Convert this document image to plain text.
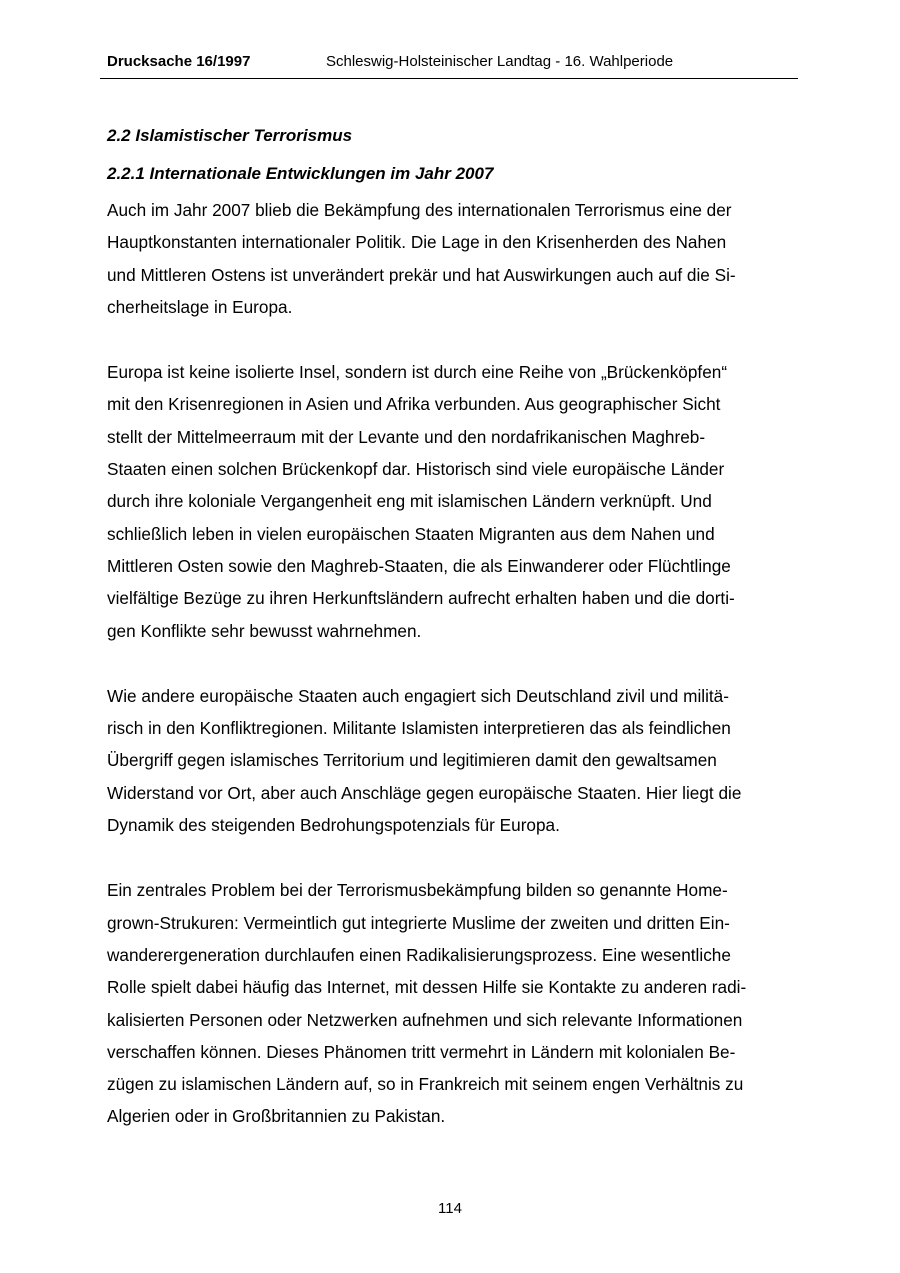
Drucksache 16/1997	Schleswig-Holsteinischer Landtag - 16. Wahlperiode
2.2 Islamistischer Terrorismus
2.2.1 Internationale Entwicklungen im Jahr 2007

Auch im Jahr 2007 blieb die Bekämpfung des internationalen Terrorismus eine der
Hauptkonstanten internationaler Politik. Die Lage in den Krisenherden des Nahen
und Mittleren Ostens ist unverändert prekär und hat Auswirkungen auch auf die Si-
cherheitslage in Europa.

Europa ist keine isolierte Insel, sondern ist durch eine Reihe von „Brückenköpfen“
mit den Krisenregionen in Asien und Afrika verbunden. Aus geographischer Sicht
stellt der Mittelmeerraum mit der Levante und den nordafrikanischen Maghreb-
Staaten einen solchen Brückenkopf dar. Historisch sind viele europäische Länder
durch ihre koloniale Vergangenheit eng mit islamischen Ländern verknüpft. Und
schließlich leben in vielen europäischen Staaten Migranten aus dem Nahen und
Mittleren Osten sowie den Maghreb-Staaten, die als Einwanderer oder Flüchtlinge
vielfältige Bezüge zu ihren Herkunftsländern aufrecht erhalten haben und die dorti-
gen Konflikte sehr bewusst wahrnehmen.

Wie andere europäische Staaten auch engagiert sich Deutschland zivil und militä-
risch in den Konfliktregionen. Militante Islamisten interpretieren das als feindlichen
Übergriff gegen islamisches Territorium und legitimieren damit den gewaltsamen
Widerstand vor Ort, aber auch Anschläge gegen europäische Staaten. Hier liegt die
Dynamik des steigenden Bedrohungspotenzials für Europa.

Ein zentrales Problem bei der Terrorismusbekämpfung bilden so genannte Home-
grown-Strukuren: Vermeintlich gut integrierte Muslime der zweiten und dritten Ein-
wanderergeneration durchlaufen einen Radikalisierungsprozess. Eine wesentliche
Rolle spielt dabei häufig das Internet, mit dessen Hilfe sie Kontakte zu anderen radi-
kalisierten Personen oder Netzwerken aufnehmen und sich relevante Informationen
verschaffen können. Dieses Phänomen tritt vermehrt in Ländern mit kolonialen Be-
zügen zu islamischen Ländern auf, so in Frankreich mit seinem engen Verhältnis zu
Algerien oder in Großbritannien zu Pakistan.

114
